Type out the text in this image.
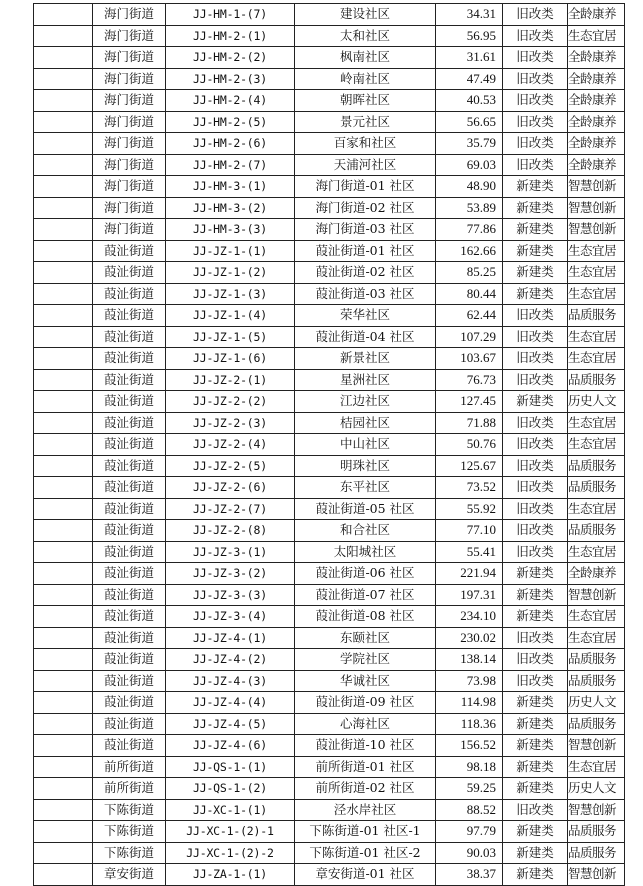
	海门街道	JJ-HM-1-(7)	建设社区	34.31	旧改类	全龄康养
	海门街道	JJ-HM-2-(1)	太和社区	56.95	旧改类	生态宜居
	海门街道	JJ-HM-2-(2)	枫南社区	31.61	旧改类	全龄康养
	海门街道	JJ-HM-2-(3)	岭南社区	47.49	旧改类	全龄康养
	海门街道	JJ-HM-2-(4)	朝晖社区	40.53	旧改类	全龄康养
	海门街道	JJ-HM-2-(5)	景元社区	56.65	旧改类	全龄康养
	海门街道	JJ-HM-2-(6)	百家和社区	35.79	旧改类	全龄康养
	海门街道	JJ-HM-2-(7)	天浦河社区	69.03	旧改类	全龄康养
	海门街道	JJ-HM-3-(1)	海门街道-01 社区	48.90	新建类	智慧创新
	海门街道	JJ-HM-3-(2)	海门街道-02 社区	53.89	新建类	智慧创新
	海门街道	JJ-HM-3-(3)	海门街道-03 社区	77.86	新建类	智慧创新
	葭沚街道	JJ-JZ-1-(1)	葭沚街道-01 社区	162.66	新建类	生态宜居
	葭沚街道	JJ-JZ-1-(2)	葭沚街道-02 社区	85.25	新建类	生态宜居
	葭沚街道	JJ-JZ-1-(3)	葭沚街道-03 社区	80.44	新建类	生态宜居
	葭沚街道	JJ-JZ-1-(4)	荣华社区	62.44	旧改类	品质服务
	葭沚街道	JJ-JZ-1-(5)	葭沚街道-04 社区	107.29	旧改类	生态宜居
	葭沚街道	JJ-JZ-1-(6)	新景社区	103.67	旧改类	生态宜居
	葭沚街道	JJ-JZ-2-(1)	星洲社区	76.73	旧改类	品质服务
	葭沚街道	JJ-JZ-2-(2)	江边社区	127.45	新建类	历史人文
	葭沚街道	JJ-JZ-2-(3)	桔园社区	71.88	旧改类	生态宜居
	葭沚街道	JJ-JZ-2-(4)	中山社区	50.76	旧改类	生态宜居
	葭沚街道	JJ-JZ-2-(5)	明珠社区	125.67	旧改类	品质服务
	葭沚街道	JJ-JZ-2-(6)	东平社区	73.52	旧改类	品质服务
	葭沚街道	JJ-JZ-2-(7)	葭沚街道-05 社区	55.92	旧改类	生态宜居
	葭沚街道	JJ-JZ-2-(8)	和合社区	77.10	旧改类	品质服务
	葭沚街道	JJ-JZ-3-(1)	太阳城社区	55.41	旧改类	生态宜居
	葭沚街道	JJ-JZ-3-(2)	葭沚街道-06 社区	221.94	新建类	全龄康养
	葭沚街道	JJ-JZ-3-(3)	葭沚街道-07 社区	197.31	新建类	智慧创新
	葭沚街道	JJ-JZ-3-(4)	葭沚街道-08 社区	234.10	新建类	生态宜居
	葭沚街道	JJ-JZ-4-(1)	东颐社区	230.02	旧改类	生态宜居
	葭沚街道	JJ-JZ-4-(2)	学院社区	138.14	旧改类	品质服务
	葭沚街道	JJ-JZ-4-(3)	华诚社区	73.98	旧改类	品质服务
	葭沚街道	JJ-JZ-4-(4)	葭沚街道-09 社区	114.98	新建类	历史人文
	葭沚街道	JJ-JZ-4-(5)	心海社区	118.36	新建类	品质服务
	葭沚街道	JJ-JZ-4-(6)	葭沚街道-10 社区	156.52	新建类	智慧创新
	前所街道	JJ-QS-1-(1)	前所街道-01 社区	98.18	新建类	生态宜居
	前所街道	JJ-QS-1-(2)	前所街道-02 社区	59.25	新建类	历史人文
	下陈街道	JJ-XC-1-(1)	泾水岸社区	88.52	旧改类	智慧创新
	下陈街道	JJ-XC-1-(2)-1	下陈街道-01 社区-1	97.79	新建类	品质服务
	下陈街道	JJ-XC-1-(2)-2	下陈街道-01 社区-2	90.03	新建类	品质服务
	章安街道	JJ-ZA-1-(1)	章安街道-01 社区	38.37	新建类	智慧创新
